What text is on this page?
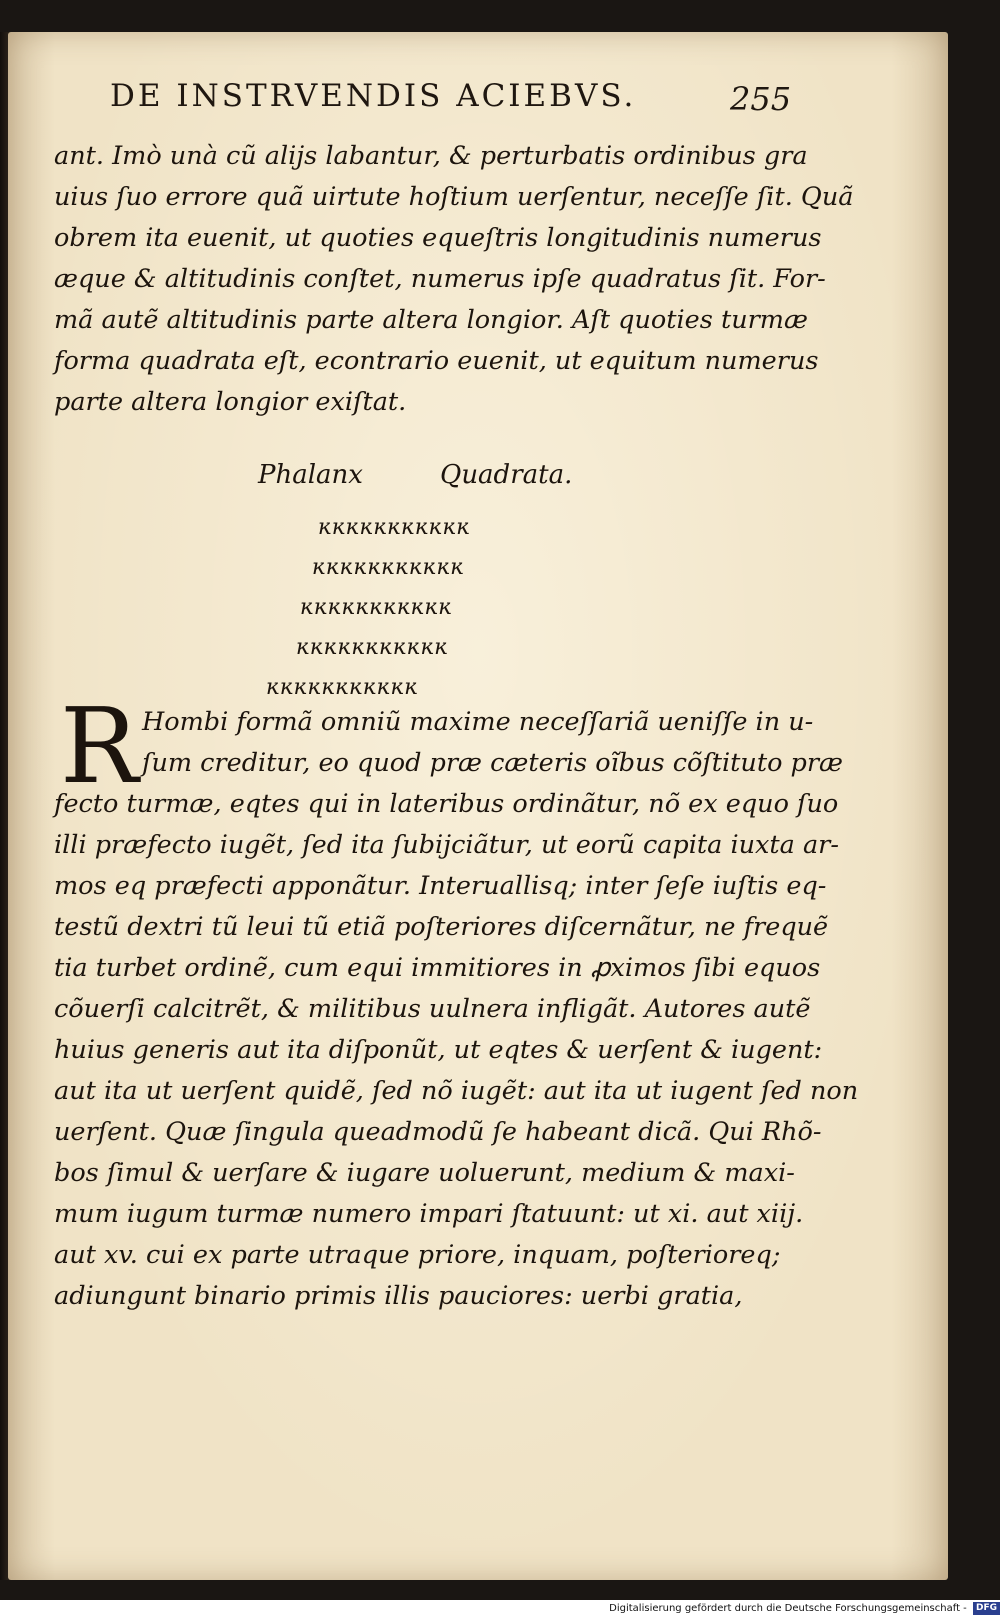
DE INSTRVENDIS ACIEBVS.	255
ant. Imò unà cũ alijs labantur, & perturbatis ordinibus gra
uius ſuo errore quã uirtute hoſtium uerſentur, neceſſe ſit. Quã
obrem ita euenit, ut quoties equeſtris longitudinis numerus
æque & altitudinis conſtet, numerus ipſe quadratus ſit. For-
mã autẽ altitudinis parte altera longior. Aſt quoties turmæ
forma quadrata eſt, econtrario euenit, ut equitum numerus
parte altera longior exiſtat.
Phalanx	Quadrata.
ĸĸĸĸĸĸĸĸĸĸĸ
ĸĸĸĸĸĸĸĸĸĸĸ
ĸĸĸĸĸĸĸĸĸĸĸ
ĸĸĸĸĸĸĸĸĸĸĸ
ĸĸĸĸĸĸĸĸĸĸĸ
R Hombi formã omniũ maxime neceſſariã ueniſſe in u-
ſum creditur, eo quod præ cæteris oĩbus cõſtituto præ
fecto turmæ, eqtes qui in lateribus ordinãtur, nõ ex equo ſuo
illi præfecto iugẽt, ſed ita ſubijciãtur, ut eorũ capita iuxta ar-
mos eq præfecti apponãtur. Interuallisq; inter ſeſe iuſtis eq-
testũ dextri tũ leui tũ etiã poſteriores diſcernãtur, ne frequẽ
tia turbet ordinẽ, cum equi immitiores in ꝓximos ſibi equos
cõuerſi calcitrẽt, & militibus uulnera infligãt. Autores autẽ
huius generis aut ita diſponũt, ut eqtes & uerſent & iugent:
aut ita ut uerſent quidẽ, ſed nõ iugẽt: aut ita ut iugent ſed non
uerſent. Quæ ſingula queadmodũ ſe habeant dicã. Qui Rhõ-
bos ſimul & uerſare & iugare uoluerunt, medium & maxi-
mum iugum turmæ numero impari ſtatuunt: ut xi. aut xiij.
aut xv. cui ex parte utraque priore, inquam, poſterioreq;
adiungunt binario primis illis pauciores: uerbi gratia,
Digitalisierung gefördert durch die Deutsche Forschungsgemeinschaft - DFG
